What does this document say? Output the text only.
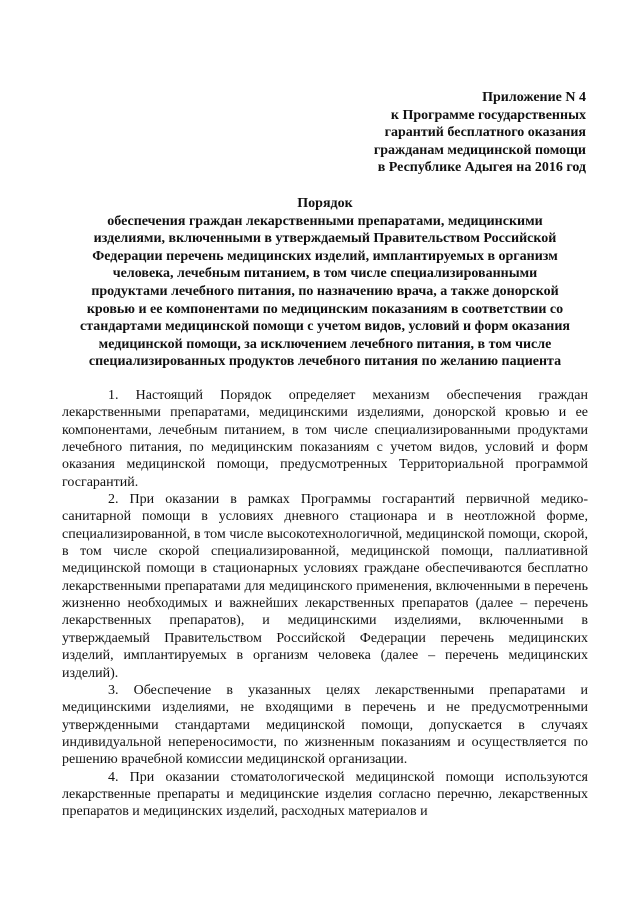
Приложение N 4
к Программе государственных
гарантий бесплатного оказания
гражданам медицинской помощи
в Республике Адыгея на 2016 год
Порядок
обеспечения граждан лекарственными препаратами, медицинскими
изделиями, включенными в утверждаемый Правительством Российской
Федерации перечень медицинских изделий, имплантируемых в организм
человека, лечебным питанием, в том числе специализированными
продуктами лечебного питания, по назначению врача, а также донорской
кровью и ее компонентами по медицинским показаниям в соответствии со
стандартами медицинской помощи с учетом видов, условий и форм оказания
медицинской помощи, за исключением лечебного питания, в том числе
специализированных продуктов лечебного питания по желанию пациента

1. Настоящий Порядок определяет механизм обеспечения граждан лекарственными препаратами, медицинскими изделиями, донорской кровью и ее компонентами, лечебным питанием, в том числе специализированными продуктами лечебного питания, по медицинским показаниям с учетом видов, условий и форм оказания медицинской помощи, предусмотренных Территориальной программой госгарантий.

2. При оказании в рамках Программы госгарантий первичной медико-санитарной помощи в условиях дневного стационара и в неотложной форме, специализированной, в том числе высокотехнологичной, медицинской помощи, скорой, в том числе скорой специализированной, медицинской помощи, паллиативной медицинской помощи в стационарных условиях граждане обеспечиваются бесплатно лекарственными препаратами для медицинского применения, включенными в перечень жизненно необходимых и важнейших лекарственных препаратов (далее – перечень лекарственных препаратов), и медицинскими изделиями, включенными в утверждаемый Правительством Российской Федерации перечень медицинских изделий, имплантируемых в организм человека (далее – перечень медицинских изделий).

3. Обеспечение в указанных целях лекарственными препаратами и медицинскими изделиями, не входящими в перечень и не предусмотренными утвержденными стандартами медицинской помощи, допускается в случаях индивидуальной непереносимости, по жизненным показаниям и осуществляется по решению врачебной комиссии медицинской организации.

4. При оказании стоматологической медицинской помощи используются лекарственные препараты и медицинские изделия согласно перечню, лекарственных препаратов и медицинских изделий, расходных материалов и
